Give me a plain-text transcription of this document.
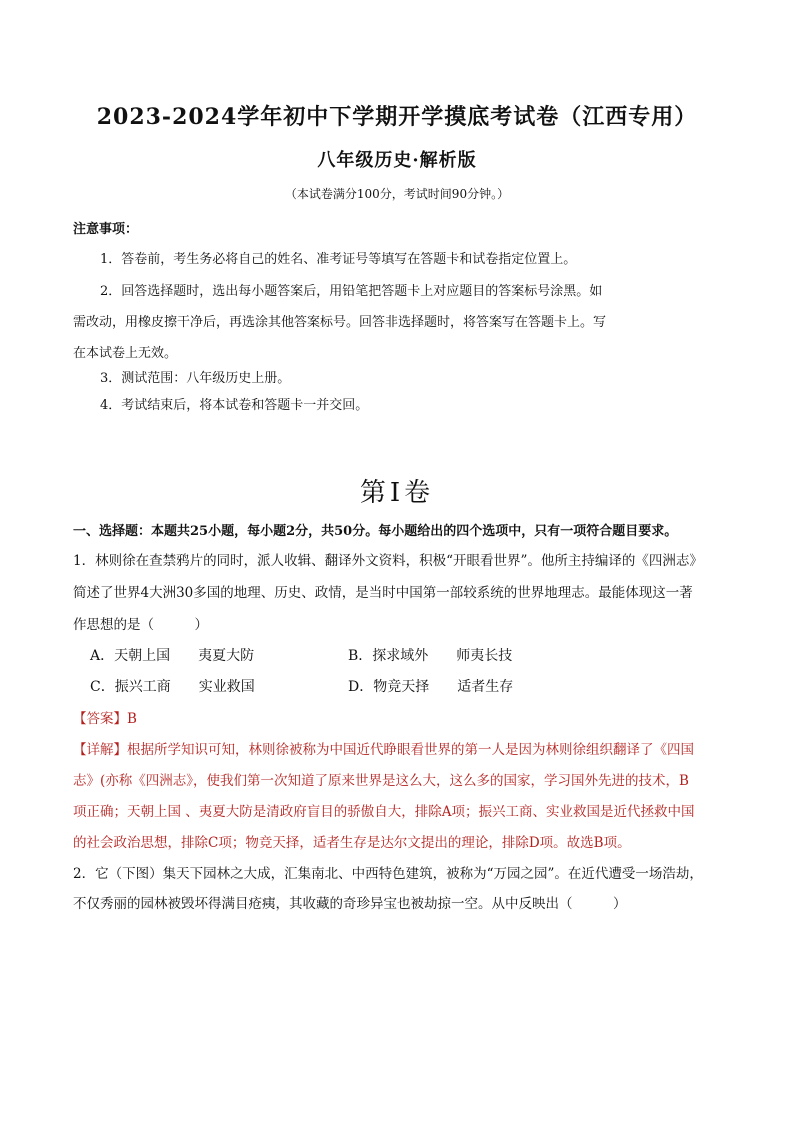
2023-2024学年初中下学期开学摸底考试卷（江西专用）
八年级历史·解析版
（本试卷满分100分，考试时间90分钟。）
注意事项：
1．答卷前，考生务必将自己的姓名、准考证号等填写在答题卡和试卷指定位置上。
2．回答选择题时，选出每小题答案后，用铅笔把答题卡上对应题目的答案标号涂黑。如
需改动，用橡皮擦干净后，再选涂其他答案标号。回答非选择题时，将答案写在答题卡上。写
在本试卷上无效。
3．测试范围：八年级历史上册。
4．考试结束后，将本试卷和答题卡一并交回。
第Ⅰ卷
一、选择题：本题共25小题，每小题2分，共50分。每小题给出的四个选项中，只有一项符合题目要求。
1．林则徐在查禁鸦片的同时，派人收辑、翻译外文资料，积极“开眼看世界”。他所主持编译的《四洲志》
简述了世界4大洲30多国的地理、历史、政情，是当时中国第一部较系统的世界地理志。最能体现这一著
作思想的是（　　　）
A．天朝上国　　夷夏大防	B．探求域外　　师夷长技
C．振兴工商　　实业救国	D．物竞天择　　适者生存
【答案】B
【详解】根据所学知识可知，林则徐被称为中国近代睁眼看世界的第一人是因为林则徐组织翻译了《四国
志》(亦称《四洲志》，使我们第一次知道了原来世界是这么大，这么多的国家，学习国外先进的技术，B
项正确；天朝上国 、夷夏大防是清政府盲目的骄傲自大，排除A项；振兴工商、实业救国是近代拯救中国
的社会政治思想，排除C项；物竞天择，适者生存是达尔文提出的理论，排除D项。故选B项。
2．它（下图）集天下园林之大成，汇集南北、中西特色建筑，被称为“万园之园”。在近代遭受一场浩劫，
不仅秀丽的园林被毁坏得满目疮痍，其收藏的奇珍异宝也被劫掠一空。从中反映出（　　　）
